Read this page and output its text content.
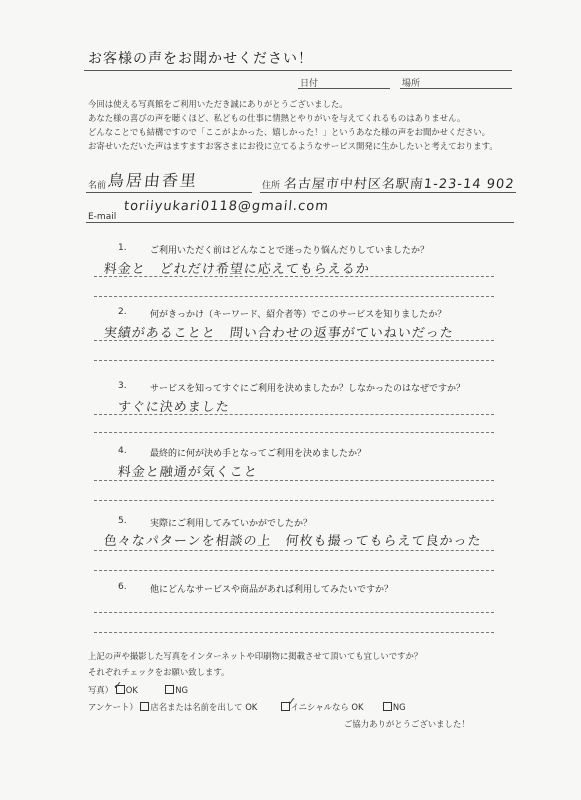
お客様の声をお聞かせください！
日付	場所
今回は使える写真館をご利用いただき誠にありがとうございました。
あなた様の喜びの声を聴くほど、私どもの仕事に情熱とやりがいを与えてくれるものはありません。
どんなことでも結構ですので「ここがよかった、嬉しかった！」というあなた様の声をお聞かせください。
お寄せいただいた声はますますお客さまにお役に立てるようなサービス開発に生かしたいと考えております。
名前 鳥居由香里	住所 名古屋市中村区名駅南1-23-14 902
E-mail
toriiyukari0118@gmail.com
1.	ご利用いただく前はどんなことで迷ったり悩んだりしていましたか？
料金と　どれだけ希望に応えてもらえるか
2.	何がきっかけ（キーワード、紹介者等）でこのサービスを知りましたか？
実績があることと　問い合わせの返事がていねいだった
3.	サービスを知ってすぐにご利用を決めましたか？しなかったのはなぜですか？
すぐに決めました
4.	最終的に何が決め手となってご利用を決めましたか？
料金と融通が気くこと
5.	実際にご利用してみていかがでしたか？
色々なパターンを相談の上　何枚も撮ってもらえて良かった
6.	他にどんなサービスや商品があれば利用してみたいですか？
上記の声や撮影した写真をインターネットや印刷物に掲載させて頂いても宜しいですか？
それぞれチェックをお願い致します。
写真） OK	NG
✓
アンケート） 店名または名前を出して OK	イニシャルなら OK	NG
✓
ご協力ありがとうございました！
